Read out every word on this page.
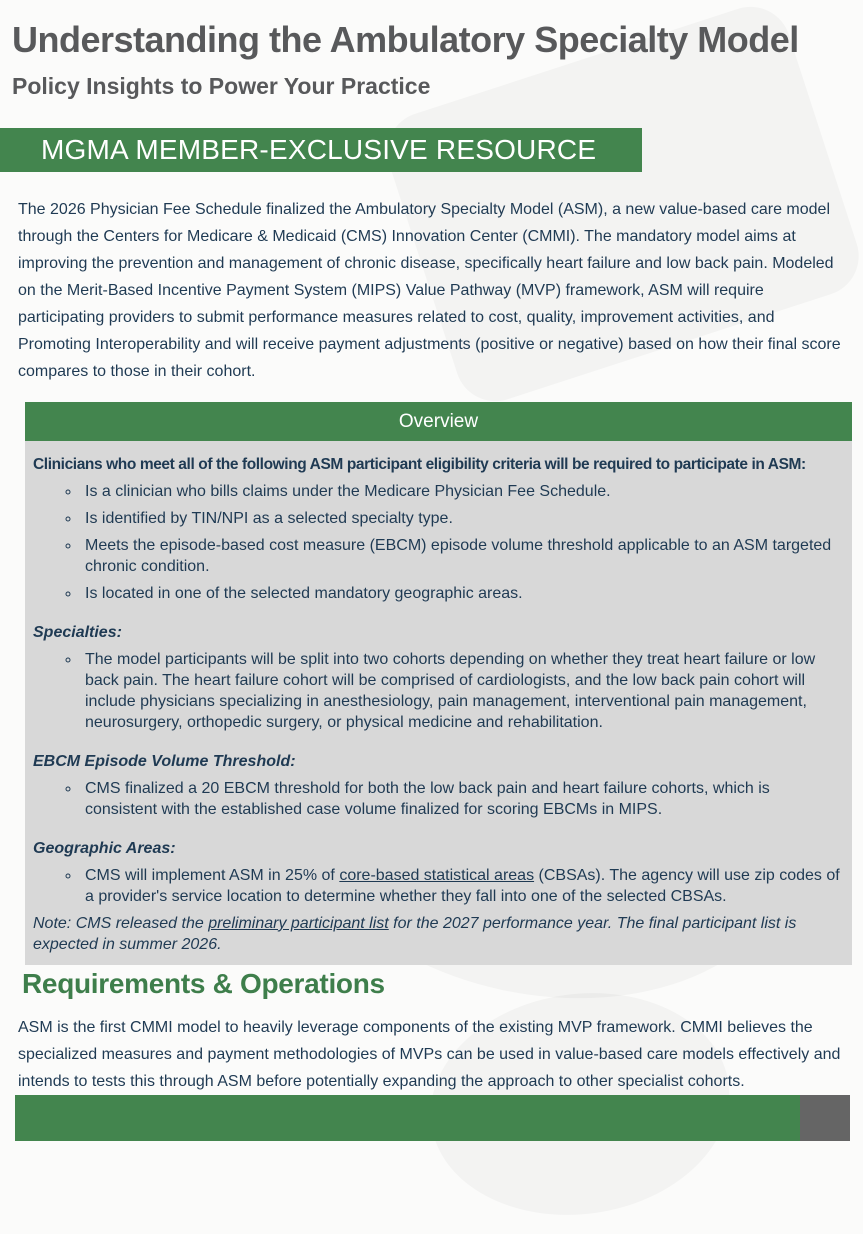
Understanding the Ambulatory Specialty Model
Policy Insights to Power Your Practice
MGMA MEMBER-EXCLUSIVE RESOURCE

The 2026 Physician Fee Schedule finalized the Ambulatory Specialty Model (ASM), a new value-based care model through the Centers for Medicare & Medicaid (CMS) Innovation Center (CMMI). The mandatory model aims at improving the prevention and management of chronic disease, specifically heart failure and low back pain. Modeled on the Merit-Based Incentive Payment System (MIPS) Value Pathway (MVP) framework, ASM will require participating providers to submit performance measures related to cost, quality, improvement activities, and Promoting Interoperability and will receive payment adjustments (positive or negative) based on how their final score compares to those in their cohort.

Overview
Clinicians who meet all of the following ASM participant eligibility criteria will be required to participate in ASM:
◦ Is a clinician who bills claims under the Medicare Physician Fee Schedule.
◦ Is identified by TIN/NPI as a selected specialty type.
◦ Meets the episode-based cost measure (EBCM) episode volume threshold applicable to an ASM targeted chronic condition.
◦ Is located in one of the selected mandatory geographic areas.
Specialties:
◦ The model participants will be split into two cohorts depending on whether they treat heart failure or low back pain. The heart failure cohort will be comprised of cardiologists, and the low back pain cohort will include physicians specializing in anesthesiology, pain management, interventional pain management, neurosurgery, orthopedic surgery, or physical medicine and rehabilitation.
EBCM Episode Volume Threshold:
◦ CMS finalized a 20 EBCM threshold for both the low back pain and heart failure cohorts, which is consistent with the established case volume finalized for scoring EBCMs in MIPS.
Geographic Areas:
◦ CMS will implement ASM in 25% of core-based statistical areas (CBSAs). The agency will use zip codes of a provider's service location to determine whether they fall into one of the selected CBSAs.
Note: CMS released the preliminary participant list for the 2027 performance year. The final participant list is expected in summer 2026.
Requirements & Operations

ASM is the first CMMI model to heavily leverage components of the existing MVP framework. CMMI believes the specialized measures and payment methodologies of MVPs can be used in value-based care models effectively and intends to tests this through ASM before potentially expanding the approach to other specialist cohorts.
